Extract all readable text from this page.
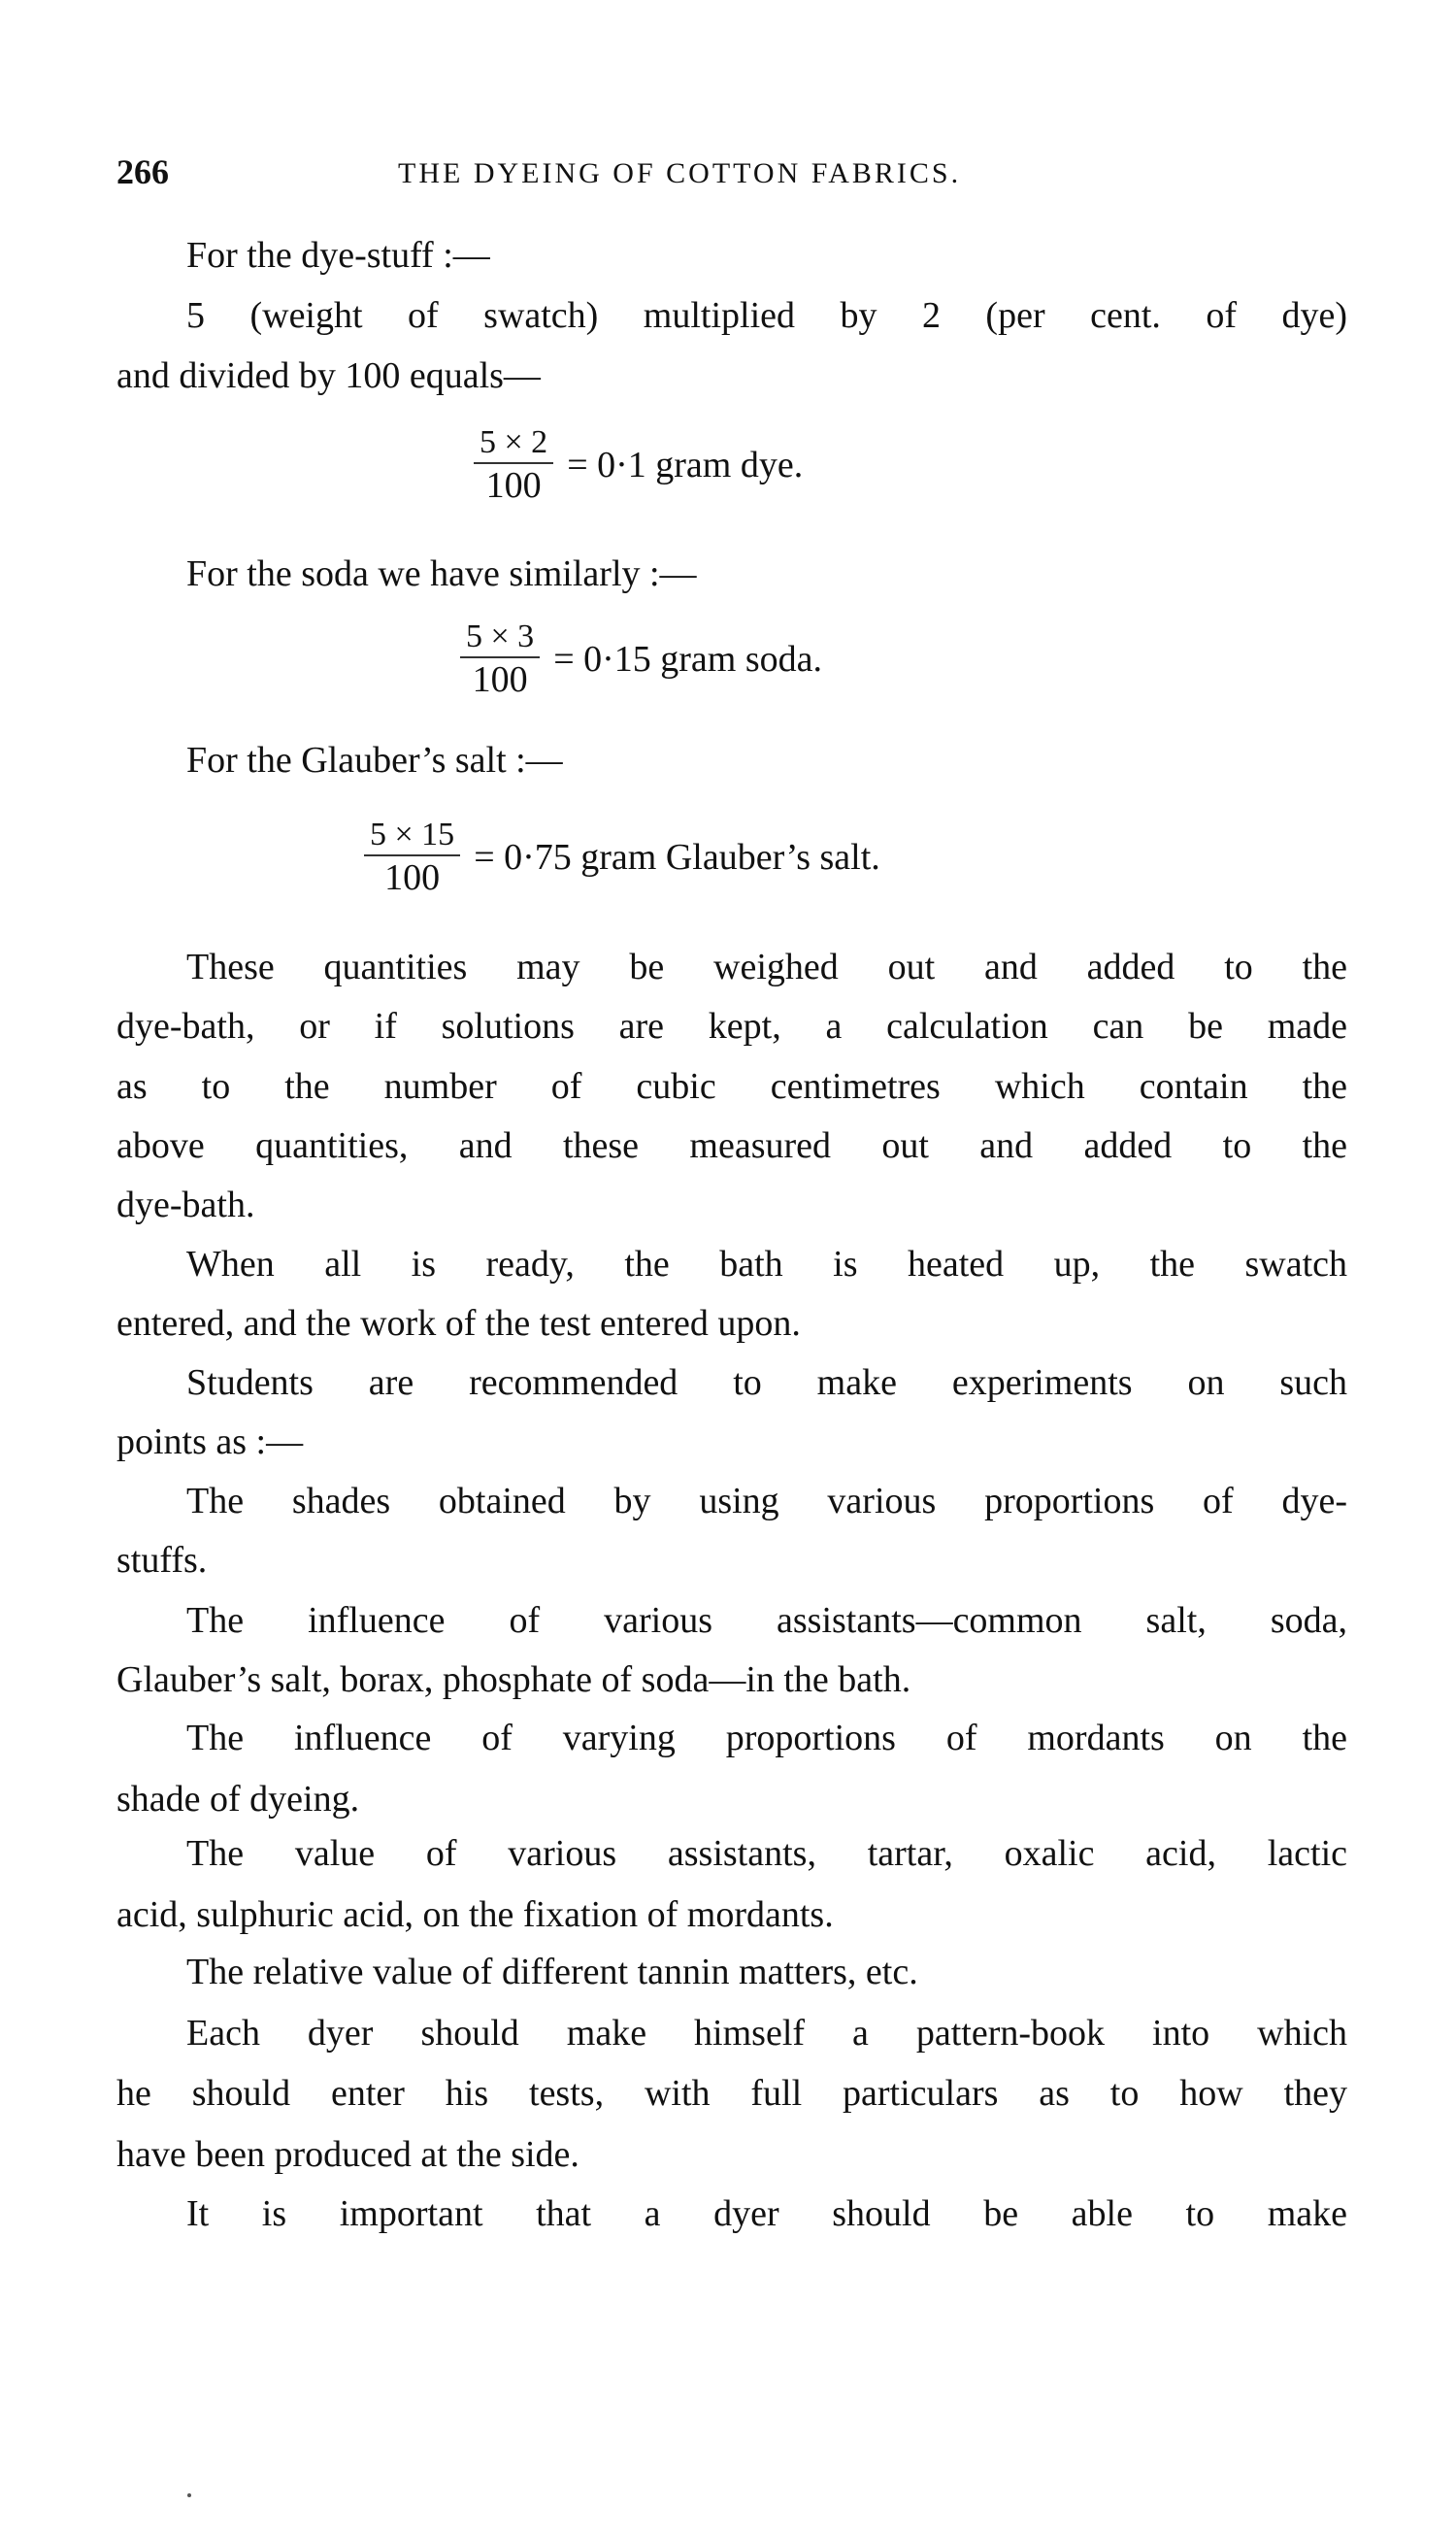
266	THE DYEING OF COTTON FABRICS.
For the dye-stuff :—
5 (weight of swatch) multiplied by 2 (per cent. of dye)
and divided by 100 equals—
$\frac{5 \times 2}{100} = 0\cdot 1$ gram dye.
For the soda we have similarly :—
$\frac{5 \times 3}{100} = 0\cdot 15$ gram soda.
For the Glauber’s salt :—
$\frac{5 \times 15}{100} = 0\cdot 75$ gram Glauber’s salt.
These quantities may be weighed out and added to the
dye-bath, or if solutions are kept, a calculation can be made
as to the number of cubic centimetres which contain the
above quantities, and these measured out and added to the
dye-bath.
When all is ready, the bath is heated up, the swatch
entered, and the work of the test entered upon.
Students are recommended to make experiments on such
points as :—
The shades obtained by using various proportions of dye-
stuffs.
The influence of various assistants—common salt, soda,
Glauber’s salt, borax, phosphate of soda—in the bath.
The influence of varying proportions of mordants on the
shade of dyeing.
The value of various assistants, tartar, oxalic acid, lactic
acid, sulphuric acid, on the fixation of mordants.
The relative value of different tannin matters, etc.
Each dyer should make himself a pattern-book into which
he should enter his tests, with full particulars as to how they
have been produced at the side.
It is important that a dyer should be able to make
